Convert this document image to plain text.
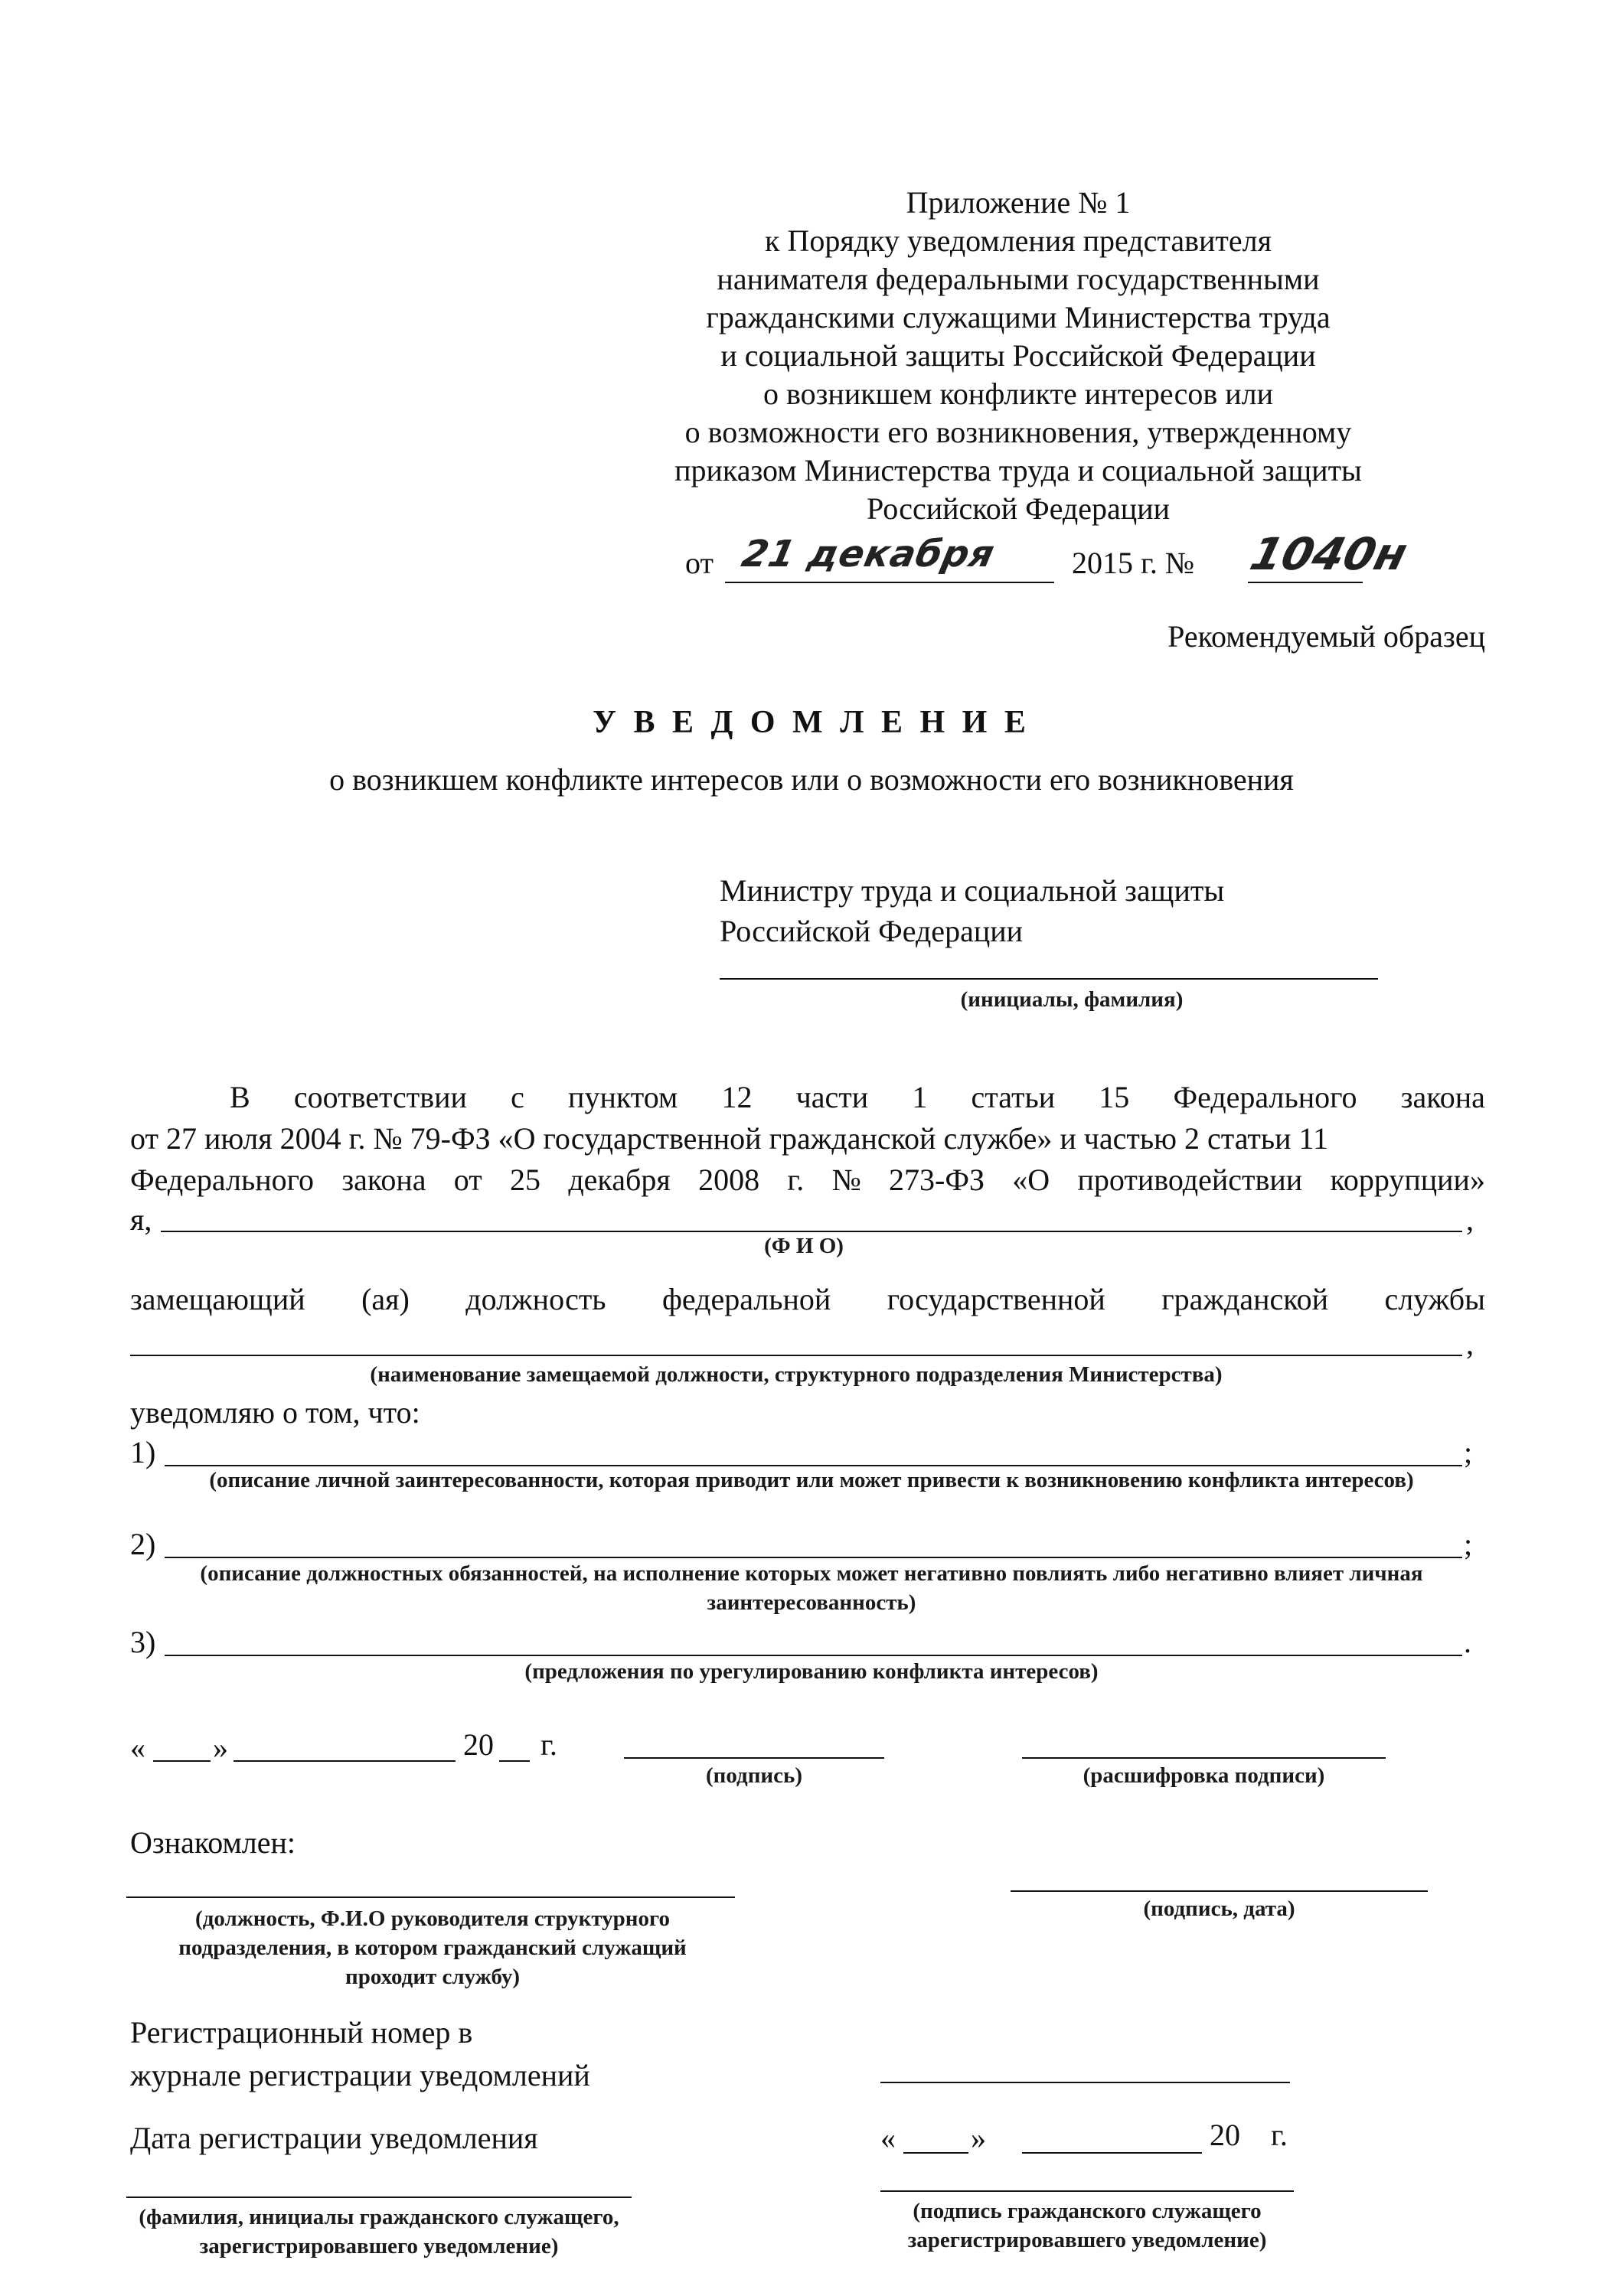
Приложение № 1
к Порядку уведомления представителя
нанимателя федеральными государственными
гражданскими служащими Министерства труда
и социальной защиты Российской Федерации
о возникшем конфликте интересов или
о возможности его возникновения, утвержденному
приказом Министерства труда и социальной защиты
Российской Федерации
от 21 декабря 2015 г. № 1040н
Рекомендуемый образец
У В Е Д О М Л Е Н И Е
о возникшем конфликте интересов или о возможности его возникновения
Министру труда и социальной защиты
Российской Федерации
(инициалы, фамилия)
В соответствии с пунктом 12 части 1 статьи 15 Федерального закона
от 27 июля 2004 г. № 79-ФЗ «О государственной гражданской службе» и частью 2 статьи 11
Федерального закона от 25 декабря 2008 г. № 273-ФЗ «О противодействии коррупции»
я,	,
(Ф И О)
замещающий (ая) должность федеральной государственной гражданской службы
,
(наименование замещаемой должности, структурного подразделения Министерства)
уведомляю о том, что:
1)	;
(описание личной заинтересованности, которая приводит или может привести к возникновению конфликта интересов)
2)	;
(описание должностных обязанностей, на исполнение которых может негативно повлиять либо негативно влияет личная
заинтересованность)
3)	.
(предложения по урегулированию конфликта интересов)
« »	20 г.
(подпись)	(расшифровка подписи)
Ознакомлен:
(должность, Ф.И.О руководителя структурного
подразделения, в котором гражданский служащий
проходит службу)
(подпись, дата)
Регистрационный номер в
журнале регистрации уведомлений
Дата регистрации уведомления	« »	20 г.
(фамилия, инициалы гражданского служащего,
зарегистрировавшего уведомление)
(подпись гражданского служащего
зарегистрировавшего уведомление)
